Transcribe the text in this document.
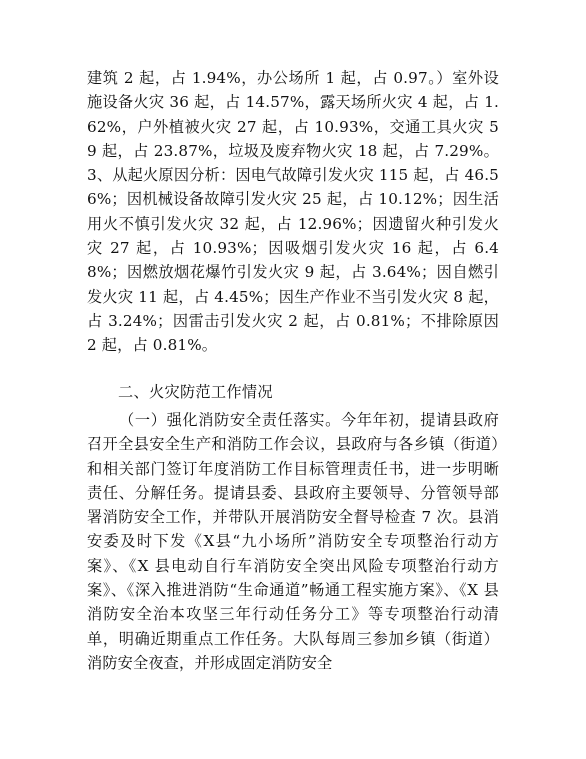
建筑 2 起，占 1.94%，办公场所 1 起，占 0.97。）室外设施设备火灾 36 起，占 14.57%，露天场所火灾 4 起，占 1.62%，户外植被火灾 27 起，占 10.93%，交通工具火灾 59 起，占 23.87%，垃圾及废弃物火灾 18 起，占 7.29%。3、从起火原因分析：因电气故障引发火灾 115 起，占 46.56%；因机械设备故障引发火灾 25 起，占 10.12%；因生活用火不慎引发火灾 32 起，占 12.96%；因遗留火种引发火灾 27 起，占 10.93%；因吸烟引发火灾 16 起，占 6.48%；因燃放烟花爆竹引发火灾 9 起，占 3.64%；因自燃引发火灾 11 起，占 4.45%；因生产作业不当引发火灾 8 起，占 3.24%；因雷击引发火灾 2 起，占 0.81%；不排除原因 2 起，占 0.81%。

二、火灾防范工作情况

（一）强化消防安全责任落实。今年年初，提请县政府召开全县安全生产和消防工作会议，县政府与各乡镇（街道）和相关部门签订年度消防工作目标管理责任书，进一步明晰责任、分解任务。提请县委、县政府主要领导、分管领导部署消防安全工作，并带队开展消防安全督导检查 7 次。县消安委及时下发《X县“九小场所”消防安全专项整治行动方案》、《X 县电动自行车消防安全突出风险专项整治行动方案》、《深入推进消防“生命通道”畅通工程实施方案》、《X 县消防安全治本攻坚三年行动任务分工》等专项整治行动清单，明确近期重点工作任务。大队每周三参加乡镇（街道）消防安全夜查，并形成固定消防安全
